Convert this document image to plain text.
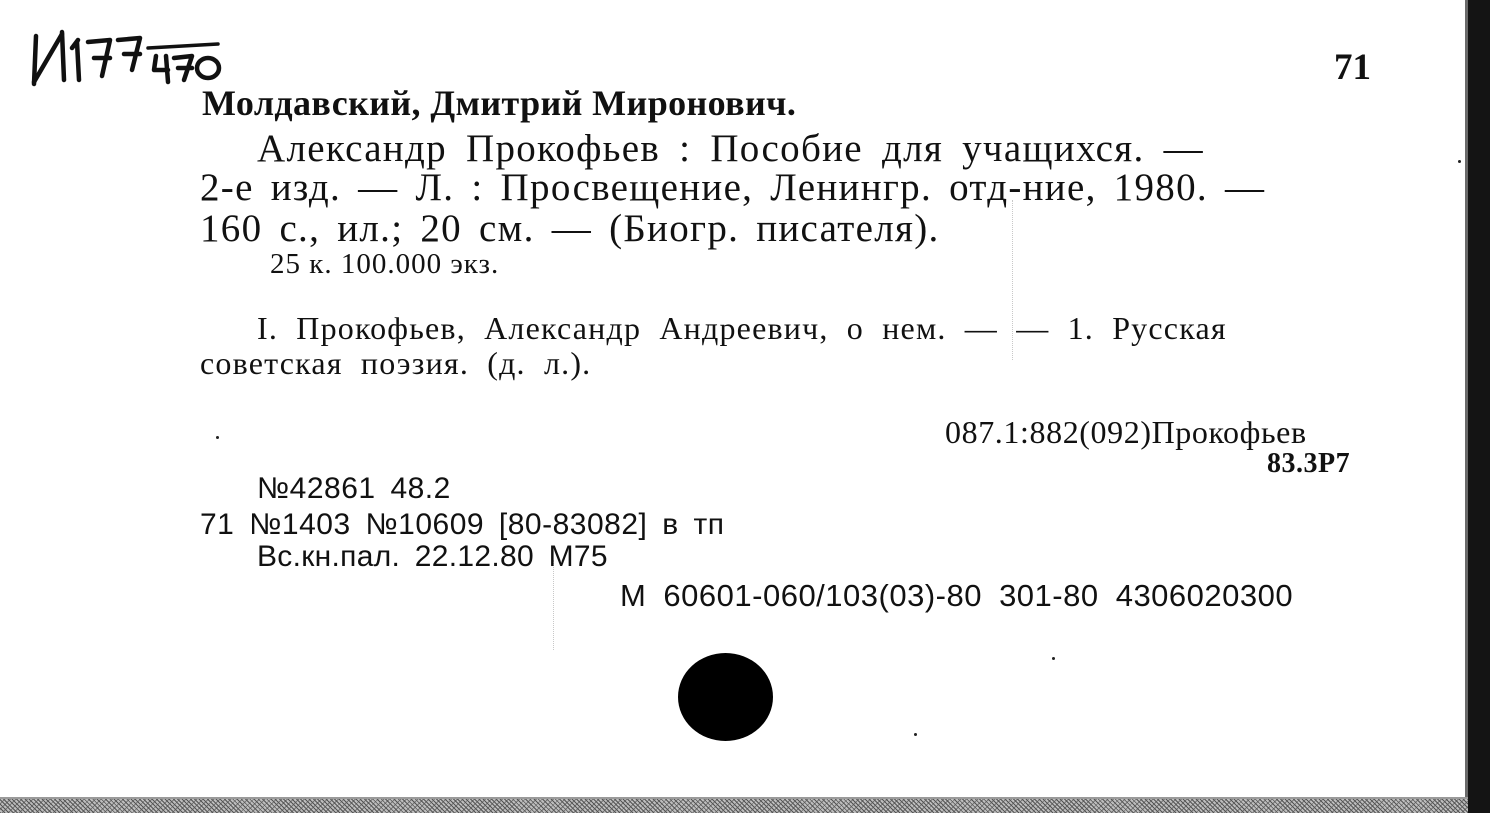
71
Молдавский, Дмитрий Миронович.
Александр Прокофьев : Пособие для учащихся. —
2-е изд. — Л. : Просвещение, Ленингр. отд-ние, 1980. —
160 с., ил.; 20 см. — (Биогр. писателя).
25 к. 100.000 экз.
I. Прокофьев, Александр Андреевич, о нем. — — 1. Русская
советская поэзия. (д. л.).
087.1:882(092)Прокофьев
83.3Р7
№42861 48.2
71 №1403 №10609 [80-83082] в тп
Вс.кн.пал. 22.12.80 М75
М 60601-060/103(03)-80 301-80 4306020300
